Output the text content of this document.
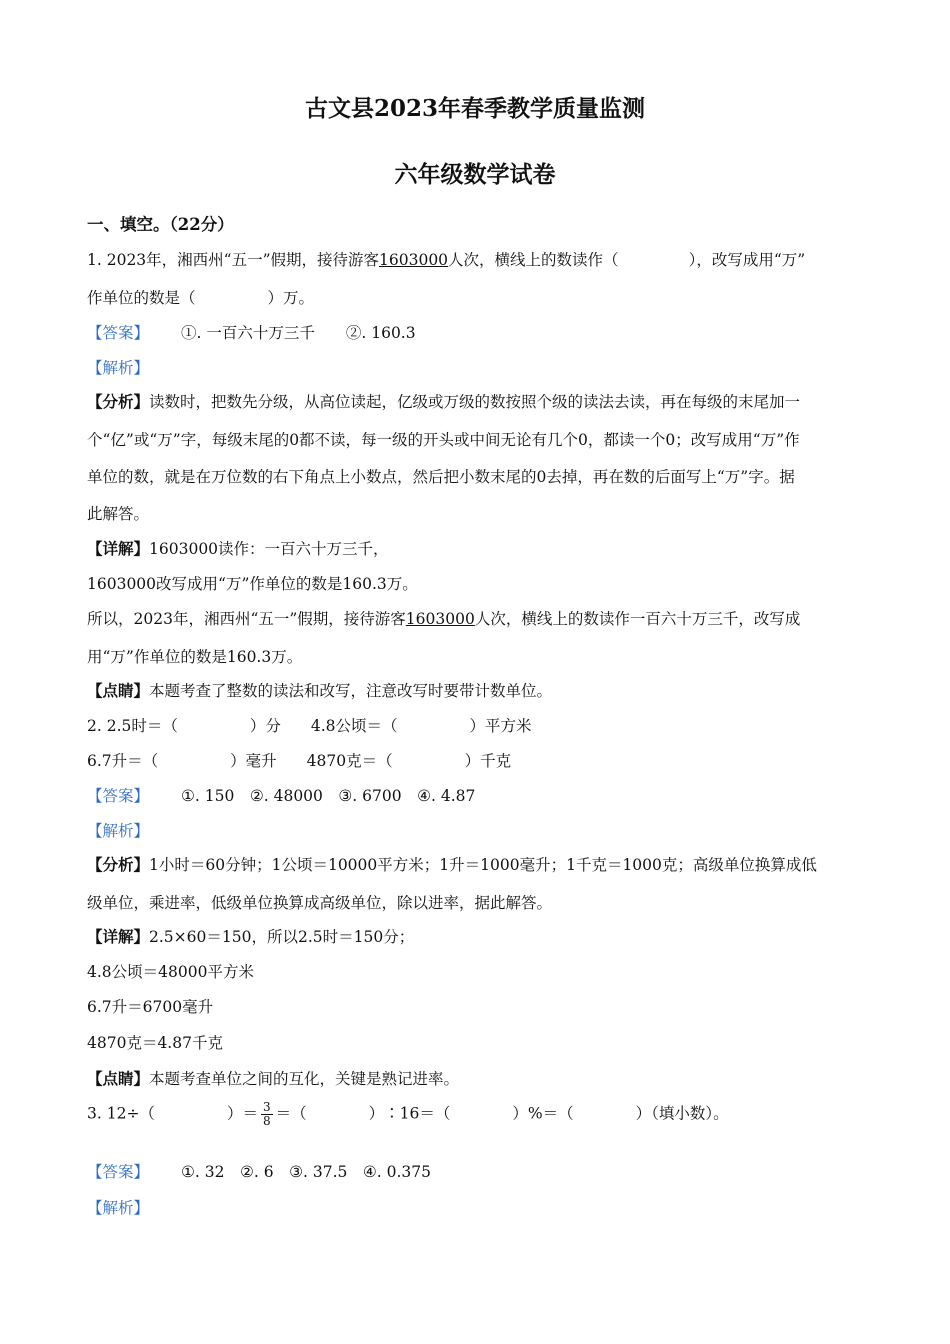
古文县2023年春季教学质量监测
六年级数学试卷
一、填空。（22分）
1. 2023年，湘西州“五一”假期，接待游客1603000人次，横线上的数读作（	），改写成用“万”
作单位的数是（	）万。
【答案】 ①. 一百六十万三千　　②. 160.3
【解析】
【分析】读数时，把数先分级，从高位读起，亿级或万级的数按照个级的读法去读，再在每级的末尾加一
个“亿”或“万”字，每级末尾的0都不读，每一级的开头或中间无论有几个0，都读一个0；改写成用“万”作
单位的数，就是在万位数的右下角点上小数点，然后把小数末尾的0去掉，再在数的后面写上“万”字。据
此解答。
【详解】1603000读作：一百六十万三千，
1603000改写成用“万”作单位的数是160.3万。
所以，2023年，湘西州“五一”假期，接待游客1603000人次，横线上的数读作一百六十万三千，改写成
用“万”作单位的数是160.3万。
【点睛】本题考查了整数的读法和改写，注意改写时要带计数单位。
2. 2.5时＝（	）分 4.8公顷＝（	）平方米
6.7升＝（	）毫升 4870克＝（	）千克
【答案】 ①. 150　②. 48000　③. 6700　④. 4.87
【解析】
【分析】1小时＝60分钟；1公顷＝10000平方米；1升＝1000毫升；1千克＝1000克；高级单位换算成低
级单位，乘进率，低级单位换算成高级单位，除以进率，据此解答。
【详解】2.5×60＝150，所以2.5时＝150分；
4.8公顷＝48000平方米
6.7升＝6700毫升
4870克＝4.87千克
【点睛】本题考查单位之间的互化，关键是熟记进率。
3. 12÷（	）＝ $\frac{3}{8}$ ＝（	）∶16＝（	）%＝（	）（填小数）。
【答案】 ①. 32　②. 6　③. 37.5　④. 0.375
【解析】
